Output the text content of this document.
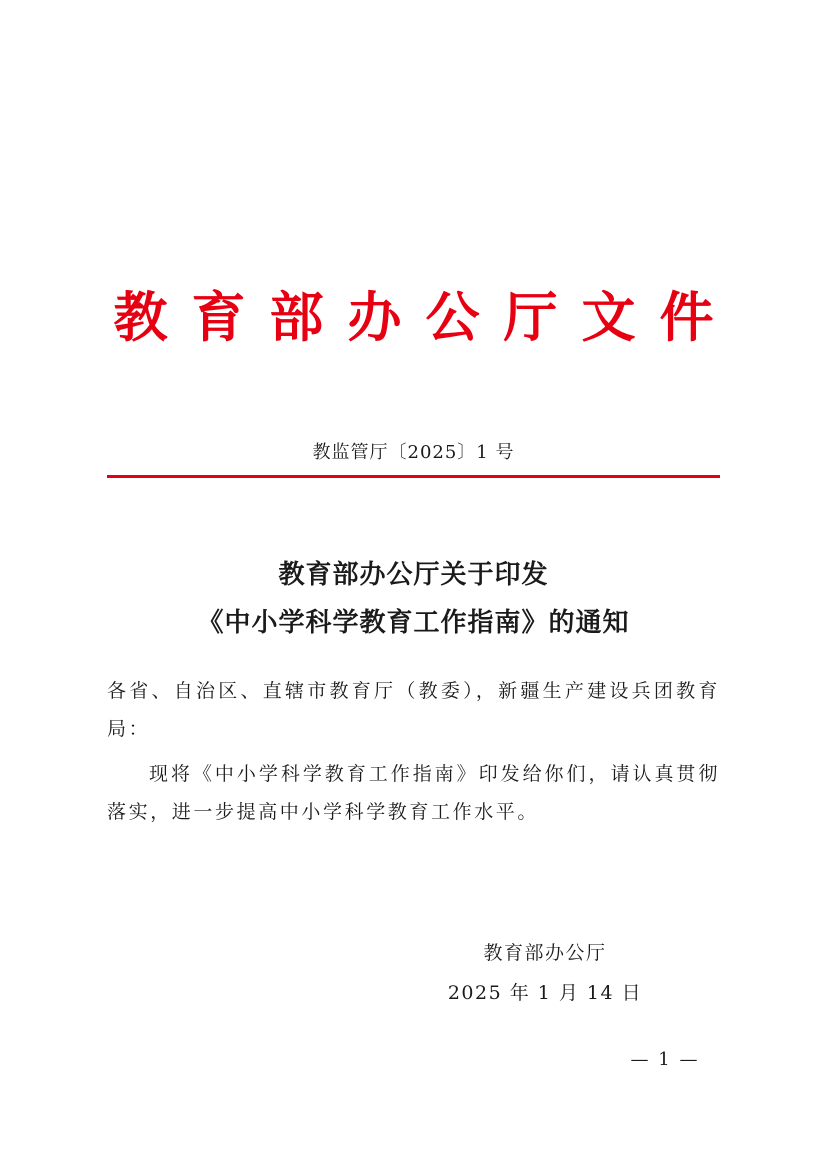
教育部办公厅文件
教监管厅〔2025〕1 号
教育部办公厅关于印发
《中小学科学教育工作指南》的通知
各省、自治区、直辖市教育厅（教委），新疆生产建设兵团教育局：
现将《中小学科学教育工作指南》印发给你们，请认真贯彻落实，进一步提高中小学科学教育工作水平。
教育部办公厅
2025 年 1 月 14 日
— 1 —
